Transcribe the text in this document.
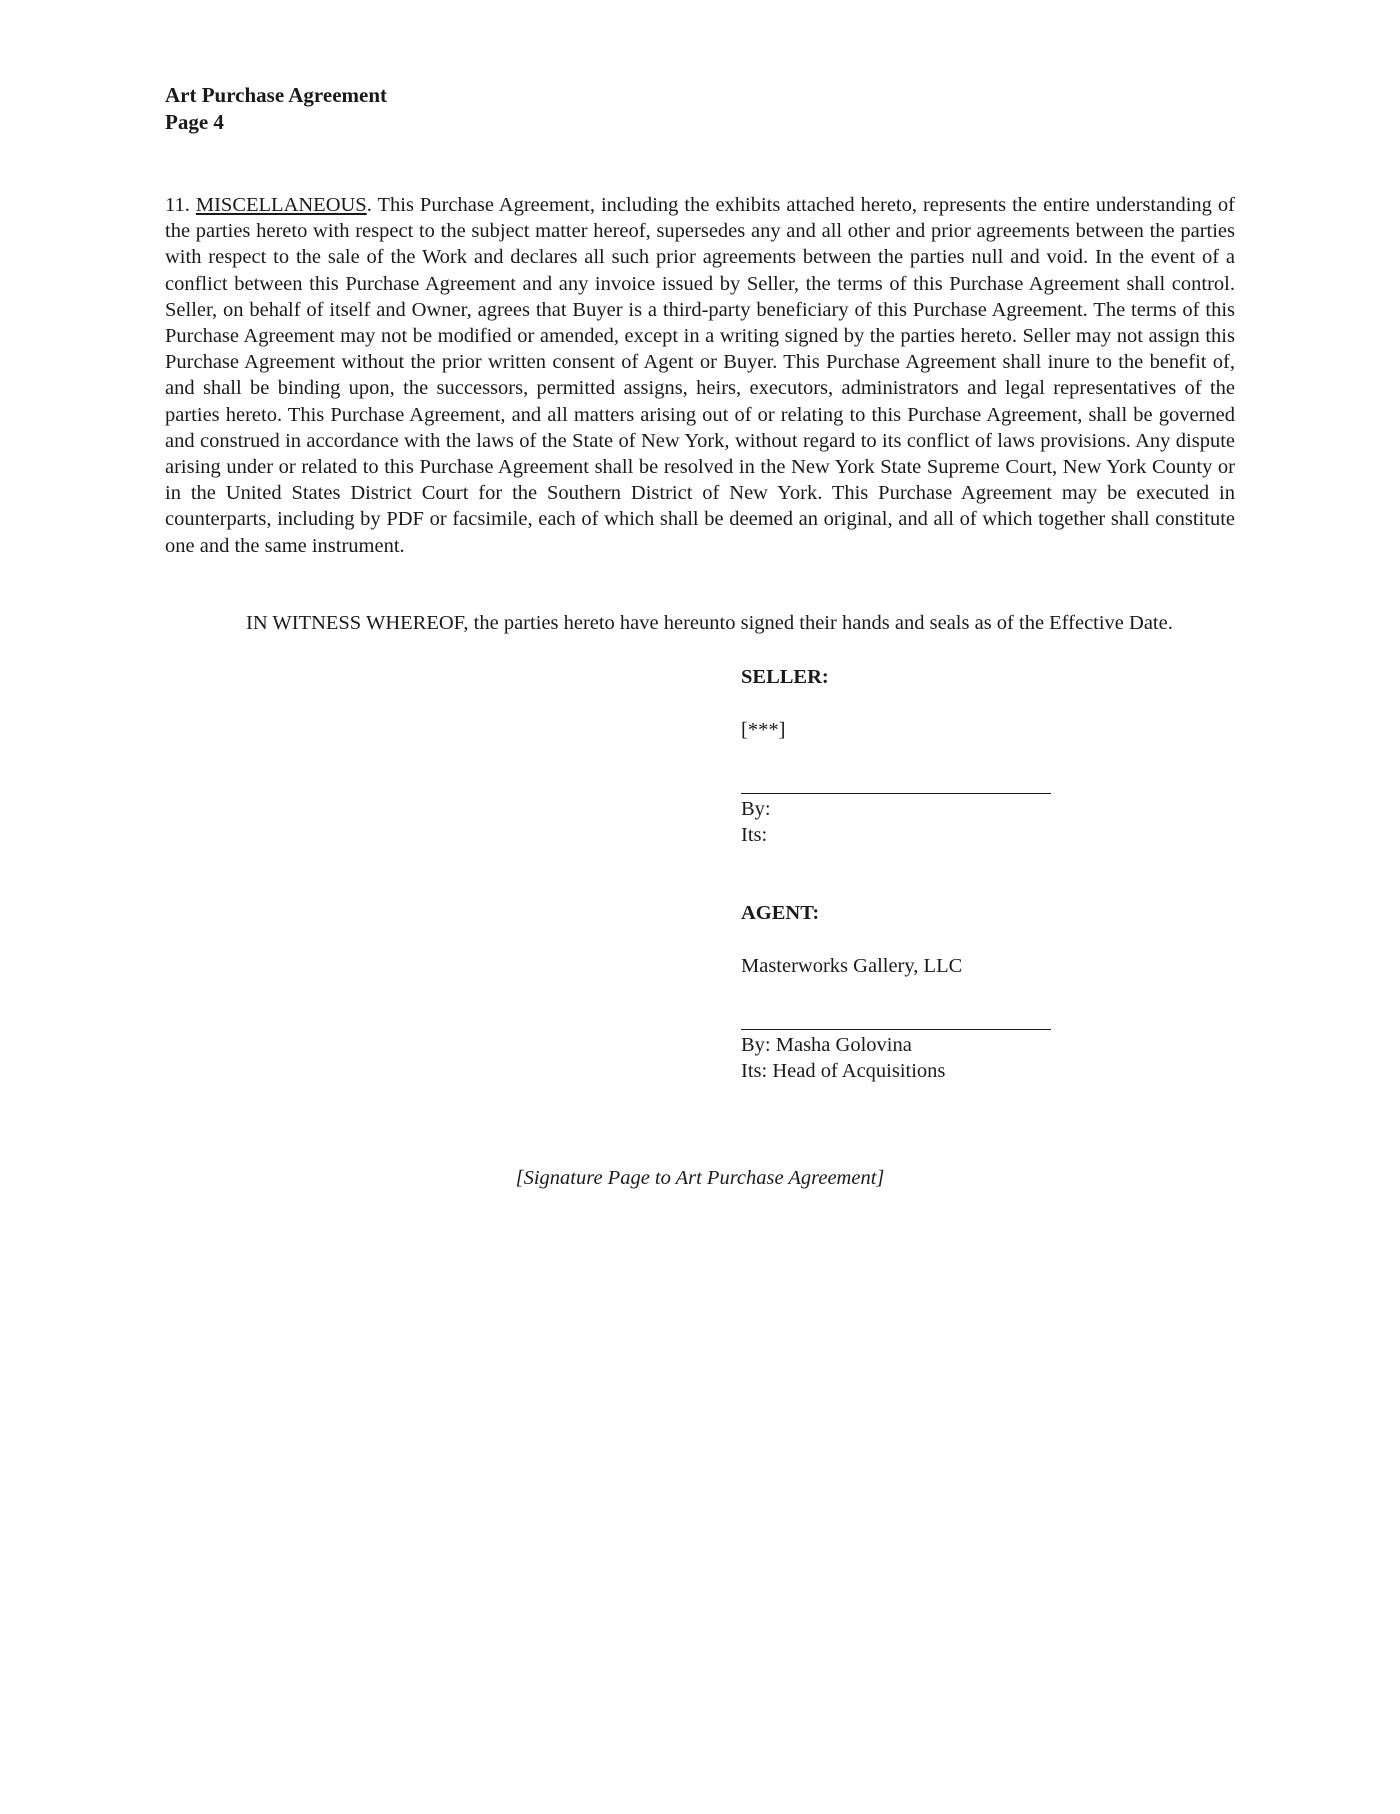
Art Purchase Agreement
Page 4

11. MISCELLANEOUS. This Purchase Agreement, including the exhibits attached hereto, represents the entire understanding of the parties hereto with respect to the subject matter hereof, supersedes any and all other and prior agreements between the parties with respect to the sale of the Work and declares all such prior agreements between the parties null and void. In the event of a conflict between this Purchase Agreement and any invoice issued by Seller, the terms of this Purchase Agreement shall control. Seller, on behalf of itself and Owner, agrees that Buyer is a third-party beneficiary of this Purchase Agreement. The terms of this Purchase Agreement may not be modified or amended, except in a writing signed by the parties hereto. Seller may not assign this Purchase Agreement without the prior written consent of Agent or Buyer. This Purchase Agreement shall inure to the benefit of, and shall be binding upon, the successors, permitted assigns, heirs, executors, administrators and legal representatives of the parties hereto. This Purchase Agreement, and all matters arising out of or relating to this Purchase Agreement, shall be governed and construed in accordance with the laws of the State of New York, without regard to its conflict of laws provisions. Any dispute arising under or related to this Purchase Agreement shall be resolved in the New York State Supreme Court, New York County or in the United States District Court for the Southern District of New York. This Purchase Agreement may be executed in counterparts, including by PDF or facsimile, each of which shall be deemed an original, and all of which together shall constitute one and the same instrument.

IN WITNESS WHEREOF, the parties hereto have hereunto signed their hands and seals as of the Effective Date.

SELLER:
[***]
By:
Its:
AGENT:
Masterworks Gallery, LLC
By: Masha Golovina
Its: Head of Acquisitions
[Signature Page to Art Purchase Agreement]
